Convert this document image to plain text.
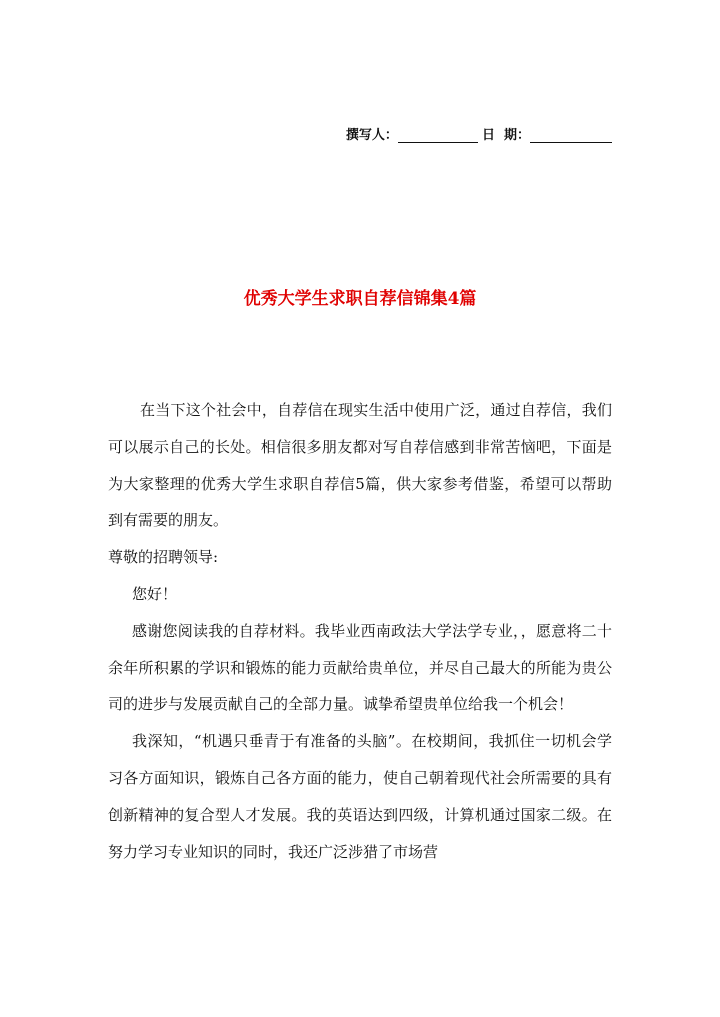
撰写人：	日  期：
优秀大学生求职自荐信锦集4篇

在当下这个社会中，自荐信在现实生活中使用广泛，通过自荐信，我们可以展示自己的长处。相信很多朋友都对写自荐信感到非常苦恼吧，下面是为大家整理的优秀大学生求职自荐信5篇，供大家参考借鉴，希望可以帮助到有需要的朋友。

尊敬的招聘领导:

您好！

感谢您阅读我的自荐材料。我毕业西南政法大学法学专业，，愿意将二十余年所积累的学识和锻炼的能力贡献给贵单位，并尽自己最大的所能为贵公司的进步与发展贡献自己的全部力量。诚挚希望贵单位给我一个机会！

我深知，“机遇只垂青于有准备的头脑”。在校期间，我抓住一切机会学习各方面知识，锻炼自己各方面的能力，使自己朝着现代社会所需要的具有创新精神的复合型人才发展。我的英语达到四级，计算机通过国家二级。在努力学习专业知识的同时，我还广泛涉猎了市场营
